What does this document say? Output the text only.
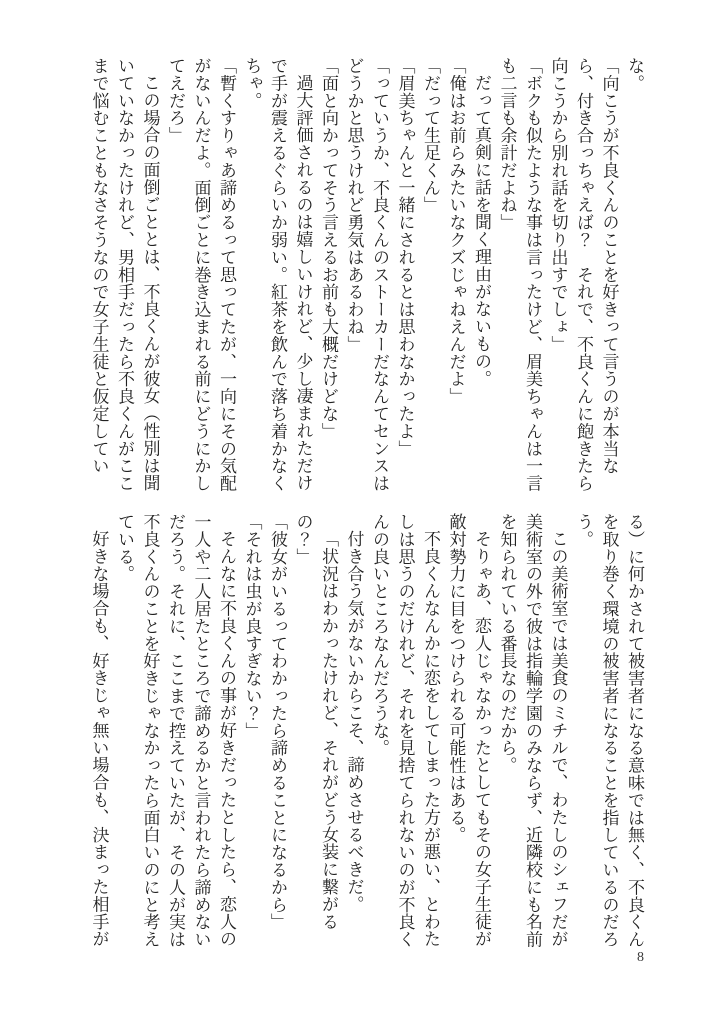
な。

「向こうが不良くんのことを好きって言うのが本当な

ら、付き合っちゃえば？　それで、不良くんに飽きたら

向こうから別れ話を切り出すでしょ」

「ボクも似たような事は言ったけど、眉美ちゃんは一言

も二言も余計だよね」

だって真剣に話を聞く理由がないもの。

「俺はお前らみたいなクズじゃねえんだよ」

「だって生足くん」

「眉美ちゃんと一緒にされるとは思わなかったよ」

「っていうか、不良くんのストーカーだなんてセンスは

どうかと思うけれど勇気はあるわね」

「面と向かってそう言えるお前も大概だけどな」

過大評価されるのは嬉しいけれど、少し凄まれただけ

で手が震えるぐらいか弱い。紅茶を飲んで落ち着かなく

ちゃ。

「暫くすりゃあ諦めるって思ってたが、一向にその気配

がないんだよ。面倒ごとに巻き込まれる前にどうにかし

てえだろ」

この場合の面倒ごととは、不良くんが彼女（性別は聞

いていなかったけれど、男相手だったら不良くんがここ

まで悩むこともなさそうなので女子生徒と仮定してい

る）に何かされて被害者になる意味では無く、不良くん

を取り巻く環境の被害者になることを指しているのだろ

う。

この美術室では美食のミチルで、わたしのシェフだが

美術室の外で彼は指輪学園のみならず、近隣校にも名前

を知られている番長なのだから。

そりゃあ、恋人じゃなかったとしてもその女子生徒が

敵対勢力に目をつけられる可能性はある。

不良くんなんかに恋をしてしまった方が悪い、とわた

しは思うのだけれど、それを見捨てられないのが不良く

んの良いところなんだろうな。

付き合う気がないからこそ、諦めさせるべきだ。

「状況はわかったけれど、それがどう女装に繋がる

の？」

「彼女がいるってわかったら諦めることになるから」

「それは虫が良すぎない？」

そんなに不良くんの事が好きだったとしたら、恋人の

一人や二人居たところで諦めるかと言われたら諦めない

だろう。それに、ここまで控えていたが、その人が実は

不良くんのことを好きじゃなかったら面白いのにと考え

ている。

好きな場合も、好きじゃ無い場合も、決まった相手が

8
